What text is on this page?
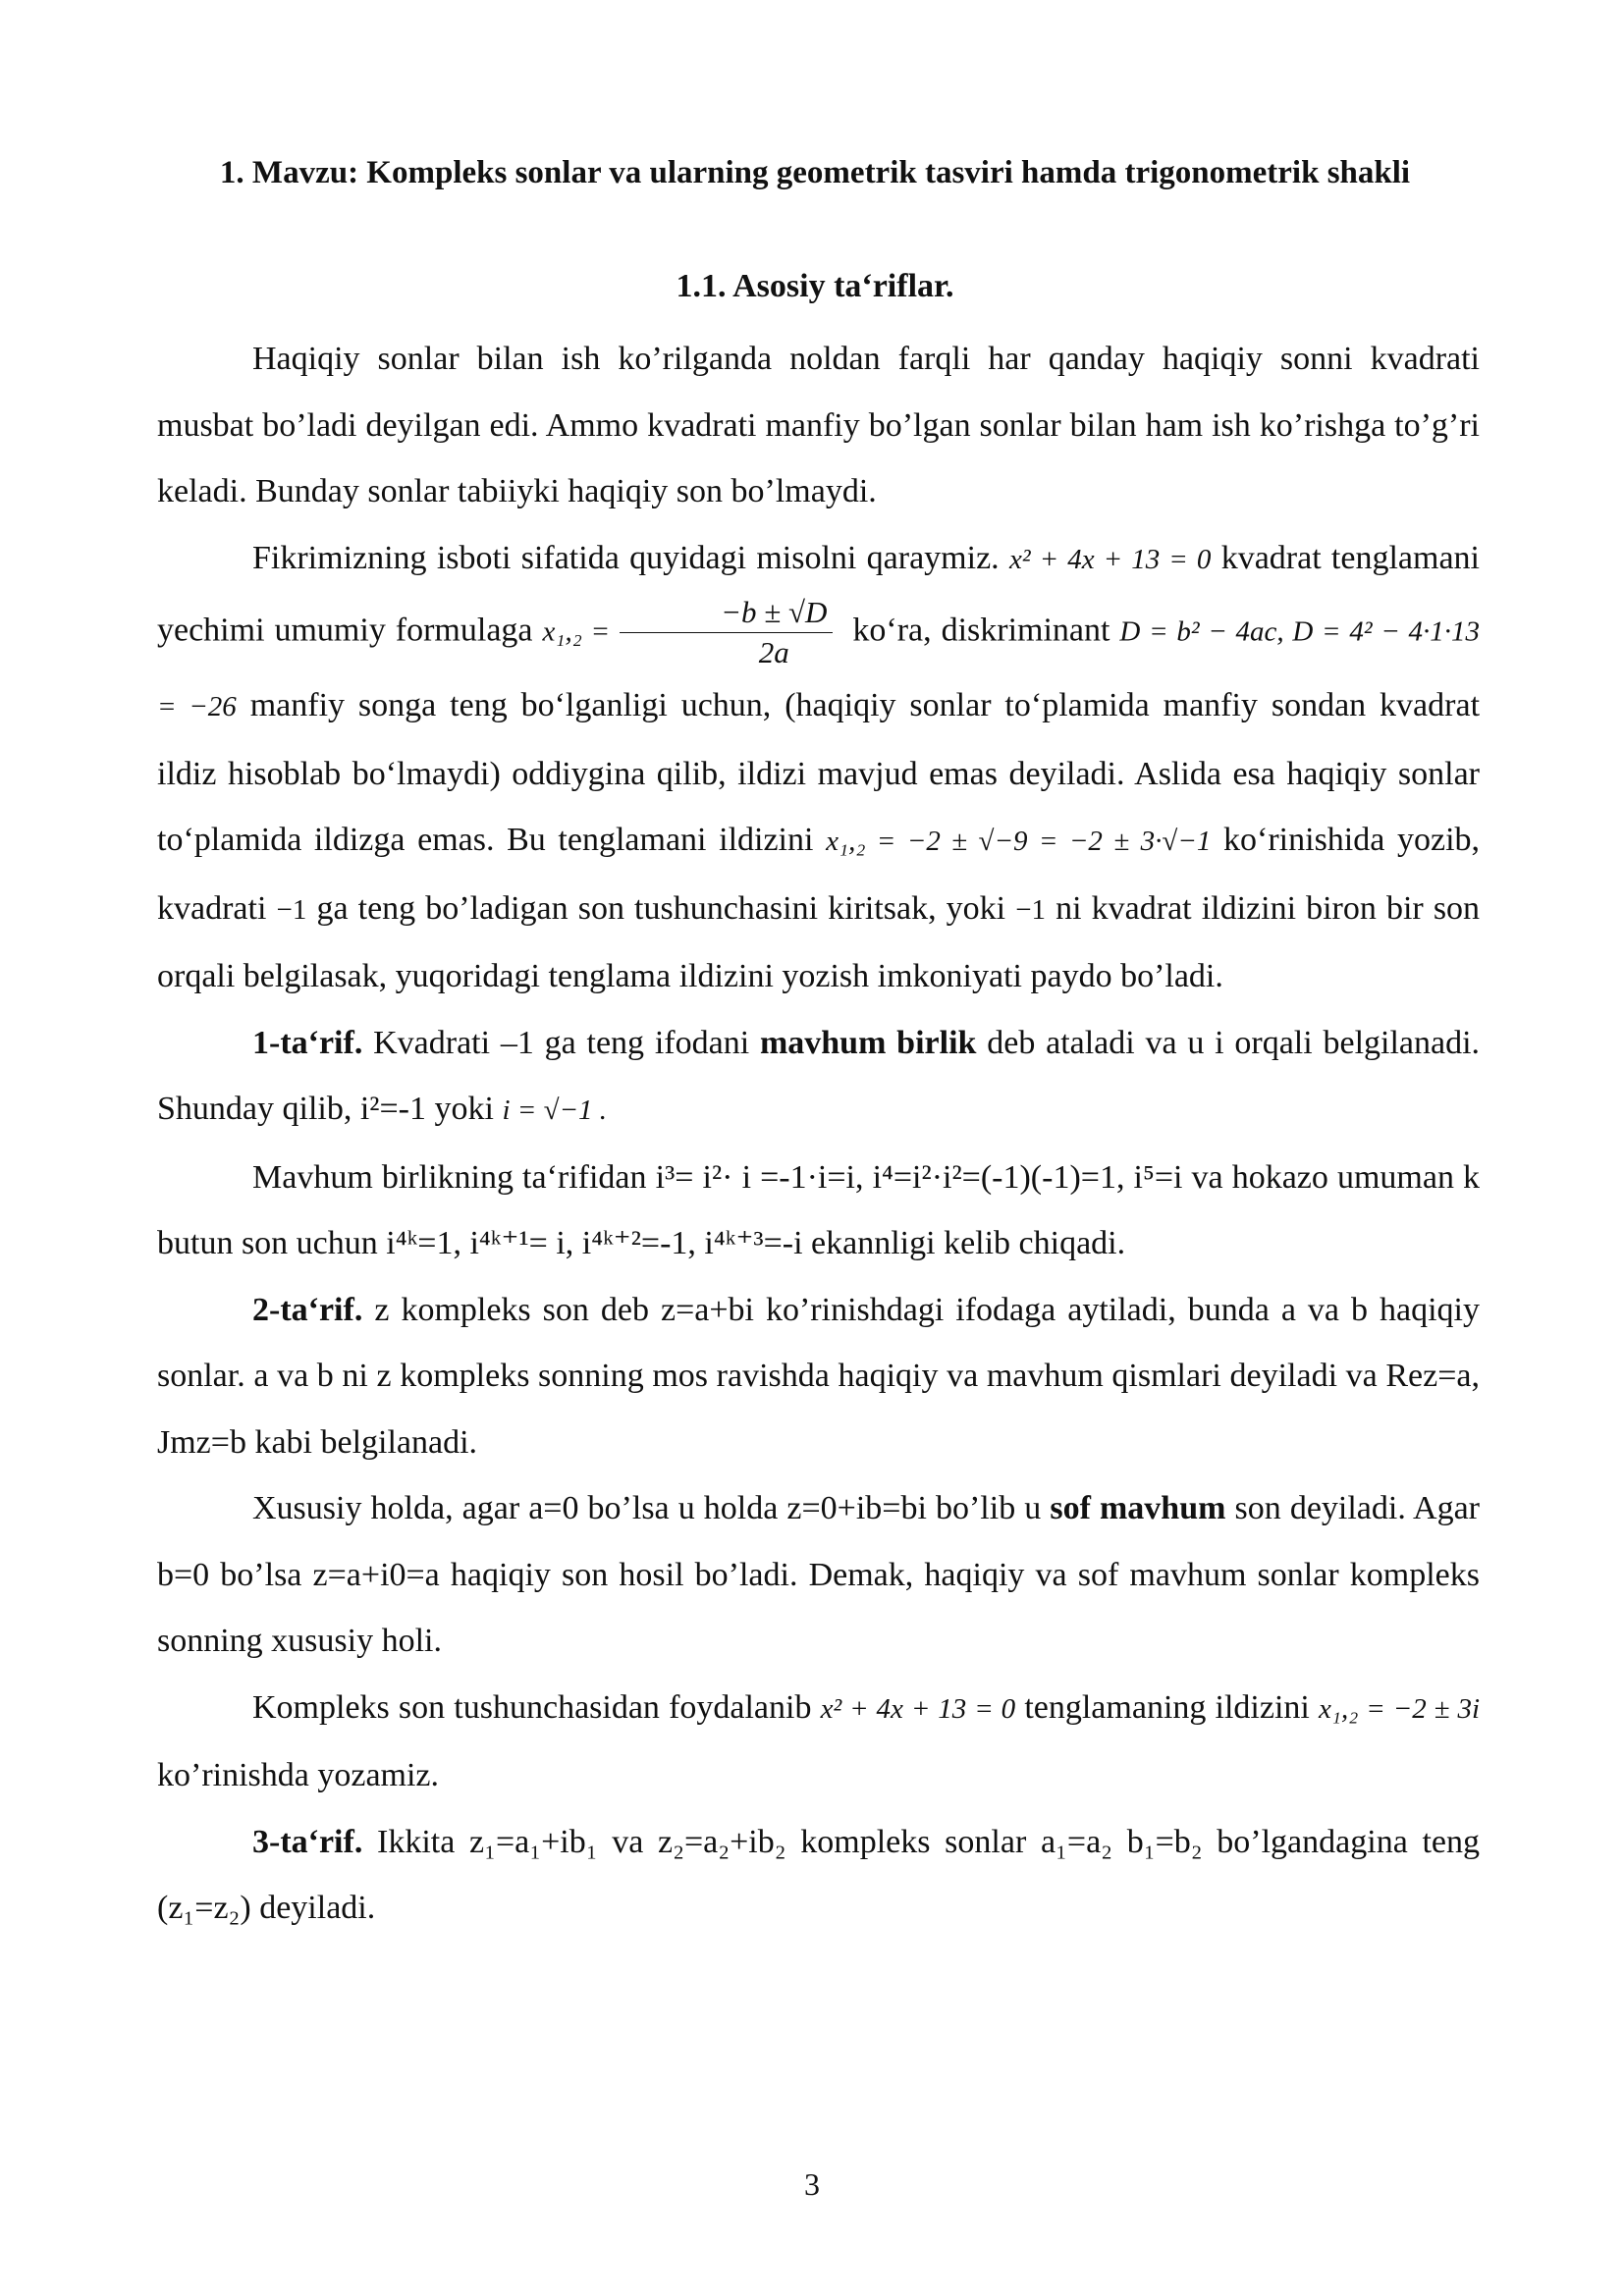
1. Mavzu: Kompleks sonlar va ularning geometrik tasviri hamda trigonometrik shakli
1.1. Asosiy ta‘riflar.

Haqiqiy sonlar bilan ish ko’rilganda noldan farqli har qanday haqiqiy sonni kvadrati musbat bo’ladi deyilgan edi. Ammo kvadrati manfiy bo’lgan sonlar bilan ham ish ko’rishga to’g’ri keladi. Bunday sonlar tabiiyki haqiqiy son bo’lmaydi.

Fikrimizning isboti sifatida quyidagi misolni qaraymiz. x² + 4x + 13 = 0 kvadrat tenglamani yechimi umumiy formulaga $x_1,_2 = \frac{-b \pm √D}{2a}$ ko‘ra, diskriminant D = b² − 4ac, D = 4² − 4·1·13 = −26 manfiy songa teng bo‘lganligi uchun, (haqiqiy sonlar to‘plamida manfiy sondan kvadrat ildiz hisoblab bo‘lmaydi) oddiygina qilib, ildizi mavjud emas deyiladi. Aslida esa haqiqiy sonlar to‘plamida ildizga emas. Bu tenglamani ildizini x₁,₂ = −2 ± √−9 = −2 ± 3·√−1 ko‘rinishida yozib, kvadrati −1 ga teng bo’ladigan son tushunchasini kiritsak, yoki −1 ni kvadrat ildizini biron bir son orqali belgilasak, yuqoridagi tenglama ildizini yozish imkoniyati paydo bo’ladi.

1-ta‘rif. Kvadrati –1 ga teng ifodani mavhum birlik deb ataladi va u i orqali belgilanadi. Shunday qilib, i²=-1 yoki i = √−1 .

Mavhum birlikning ta‘rifidan i³= i²· i =-1·i=i, i⁴=i²·i²=(-1)(-1)=1, i⁵=i va hokazo umuman k butun son uchun i⁴ᵏ=1, i⁴ᵏ⁺¹= i, i⁴ᵏ⁺²=-1, i⁴ᵏ⁺³=-i ekannligi kelib chiqadi.

2-ta‘rif. z kompleks son deb z=a+bi ko’rinishdagi ifodaga aytiladi, bunda a va b haqiqiy sonlar. a va b ni z kompleks sonning mos ravishda haqiqiy va mavhum qismlari deyiladi va Rez=a, Jmz=b kabi belgilanadi.

Xususiy holda, agar a=0 bo’lsa u holda z=0+ib=bi bo’lib u sof mavhum son deyiladi. Agar b=0 bo’lsa z=a+i0=a haqiqiy son hosil bo’ladi. Demak, haqiqiy va sof mavhum sonlar kompleks sonning xususiy holi.

Kompleks son tushunchasidan foydalanib x² + 4x + 13 = 0 tenglamaning ildizini x₁,₂ = −2 ± 3i ko’rinishda yozamiz.

3-ta‘rif. Ikkita z₁=a₁+ib₁ va z₂=a₂+ib₂ kompleks sonlar a₁=a₂ b₁=b₂ bo’lgandagina teng (z₁=z₂) deyiladi.

3
